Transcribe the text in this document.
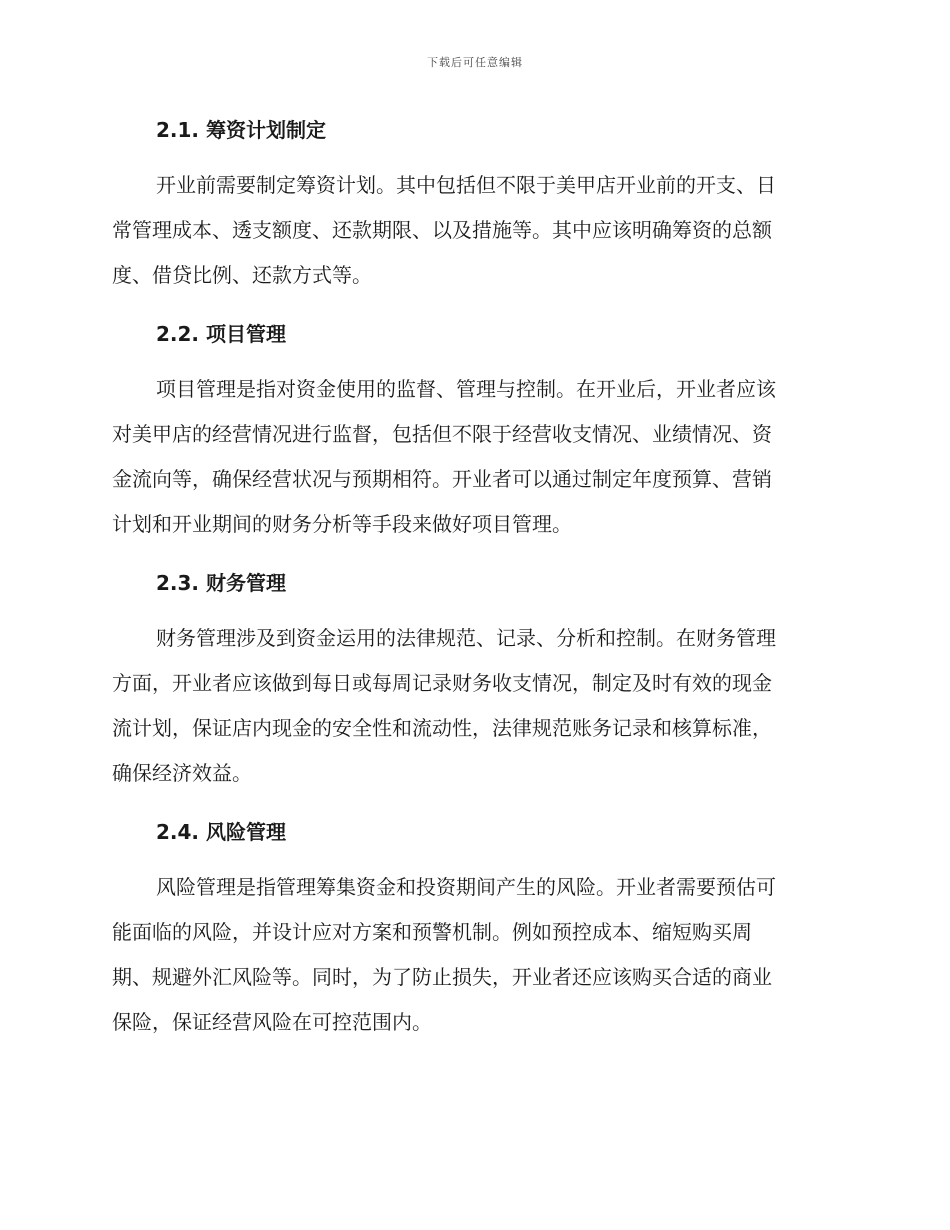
下载后可任意编辑
2.1. 筹资计划制定
开业前需要制定筹资计划。其中包括但不限于美甲店开业前的开支、日
常管理成本、透支额度、还款期限、以及措施等。其中应该明确筹资的总额
度、借贷比例、还款方式等。
2.2. 项目管理
项目管理是指对资金使用的监督、管理与控制。在开业后，开业者应该
对美甲店的经营情况进行监督，包括但不限于经营收支情况、业绩情况、资
金流向等，确保经营状况与预期相符。开业者可以通过制定年度预算、营销
计划和开业期间的财务分析等手段来做好项目管理。
2.3. 财务管理
财务管理涉及到资金运用的法律规范、记录、分析和控制。在财务管理
方面，开业者应该做到每日或每周记录财务收支情况，制定及时有效的现金
流计划，保证店内现金的安全性和流动性，法律规范账务记录和核算标准，
确保经济效益。
2.4. 风险管理
风险管理是指管理筹集资金和投资期间产生的风险。开业者需要预估可
能面临的风险，并设计应对方案和预警机制。例如预控成本、缩短购买周
期、规避外汇风险等。同时，为了防止损失，开业者还应该购买合适的商业
保险，保证经营风险在可控范围内。
